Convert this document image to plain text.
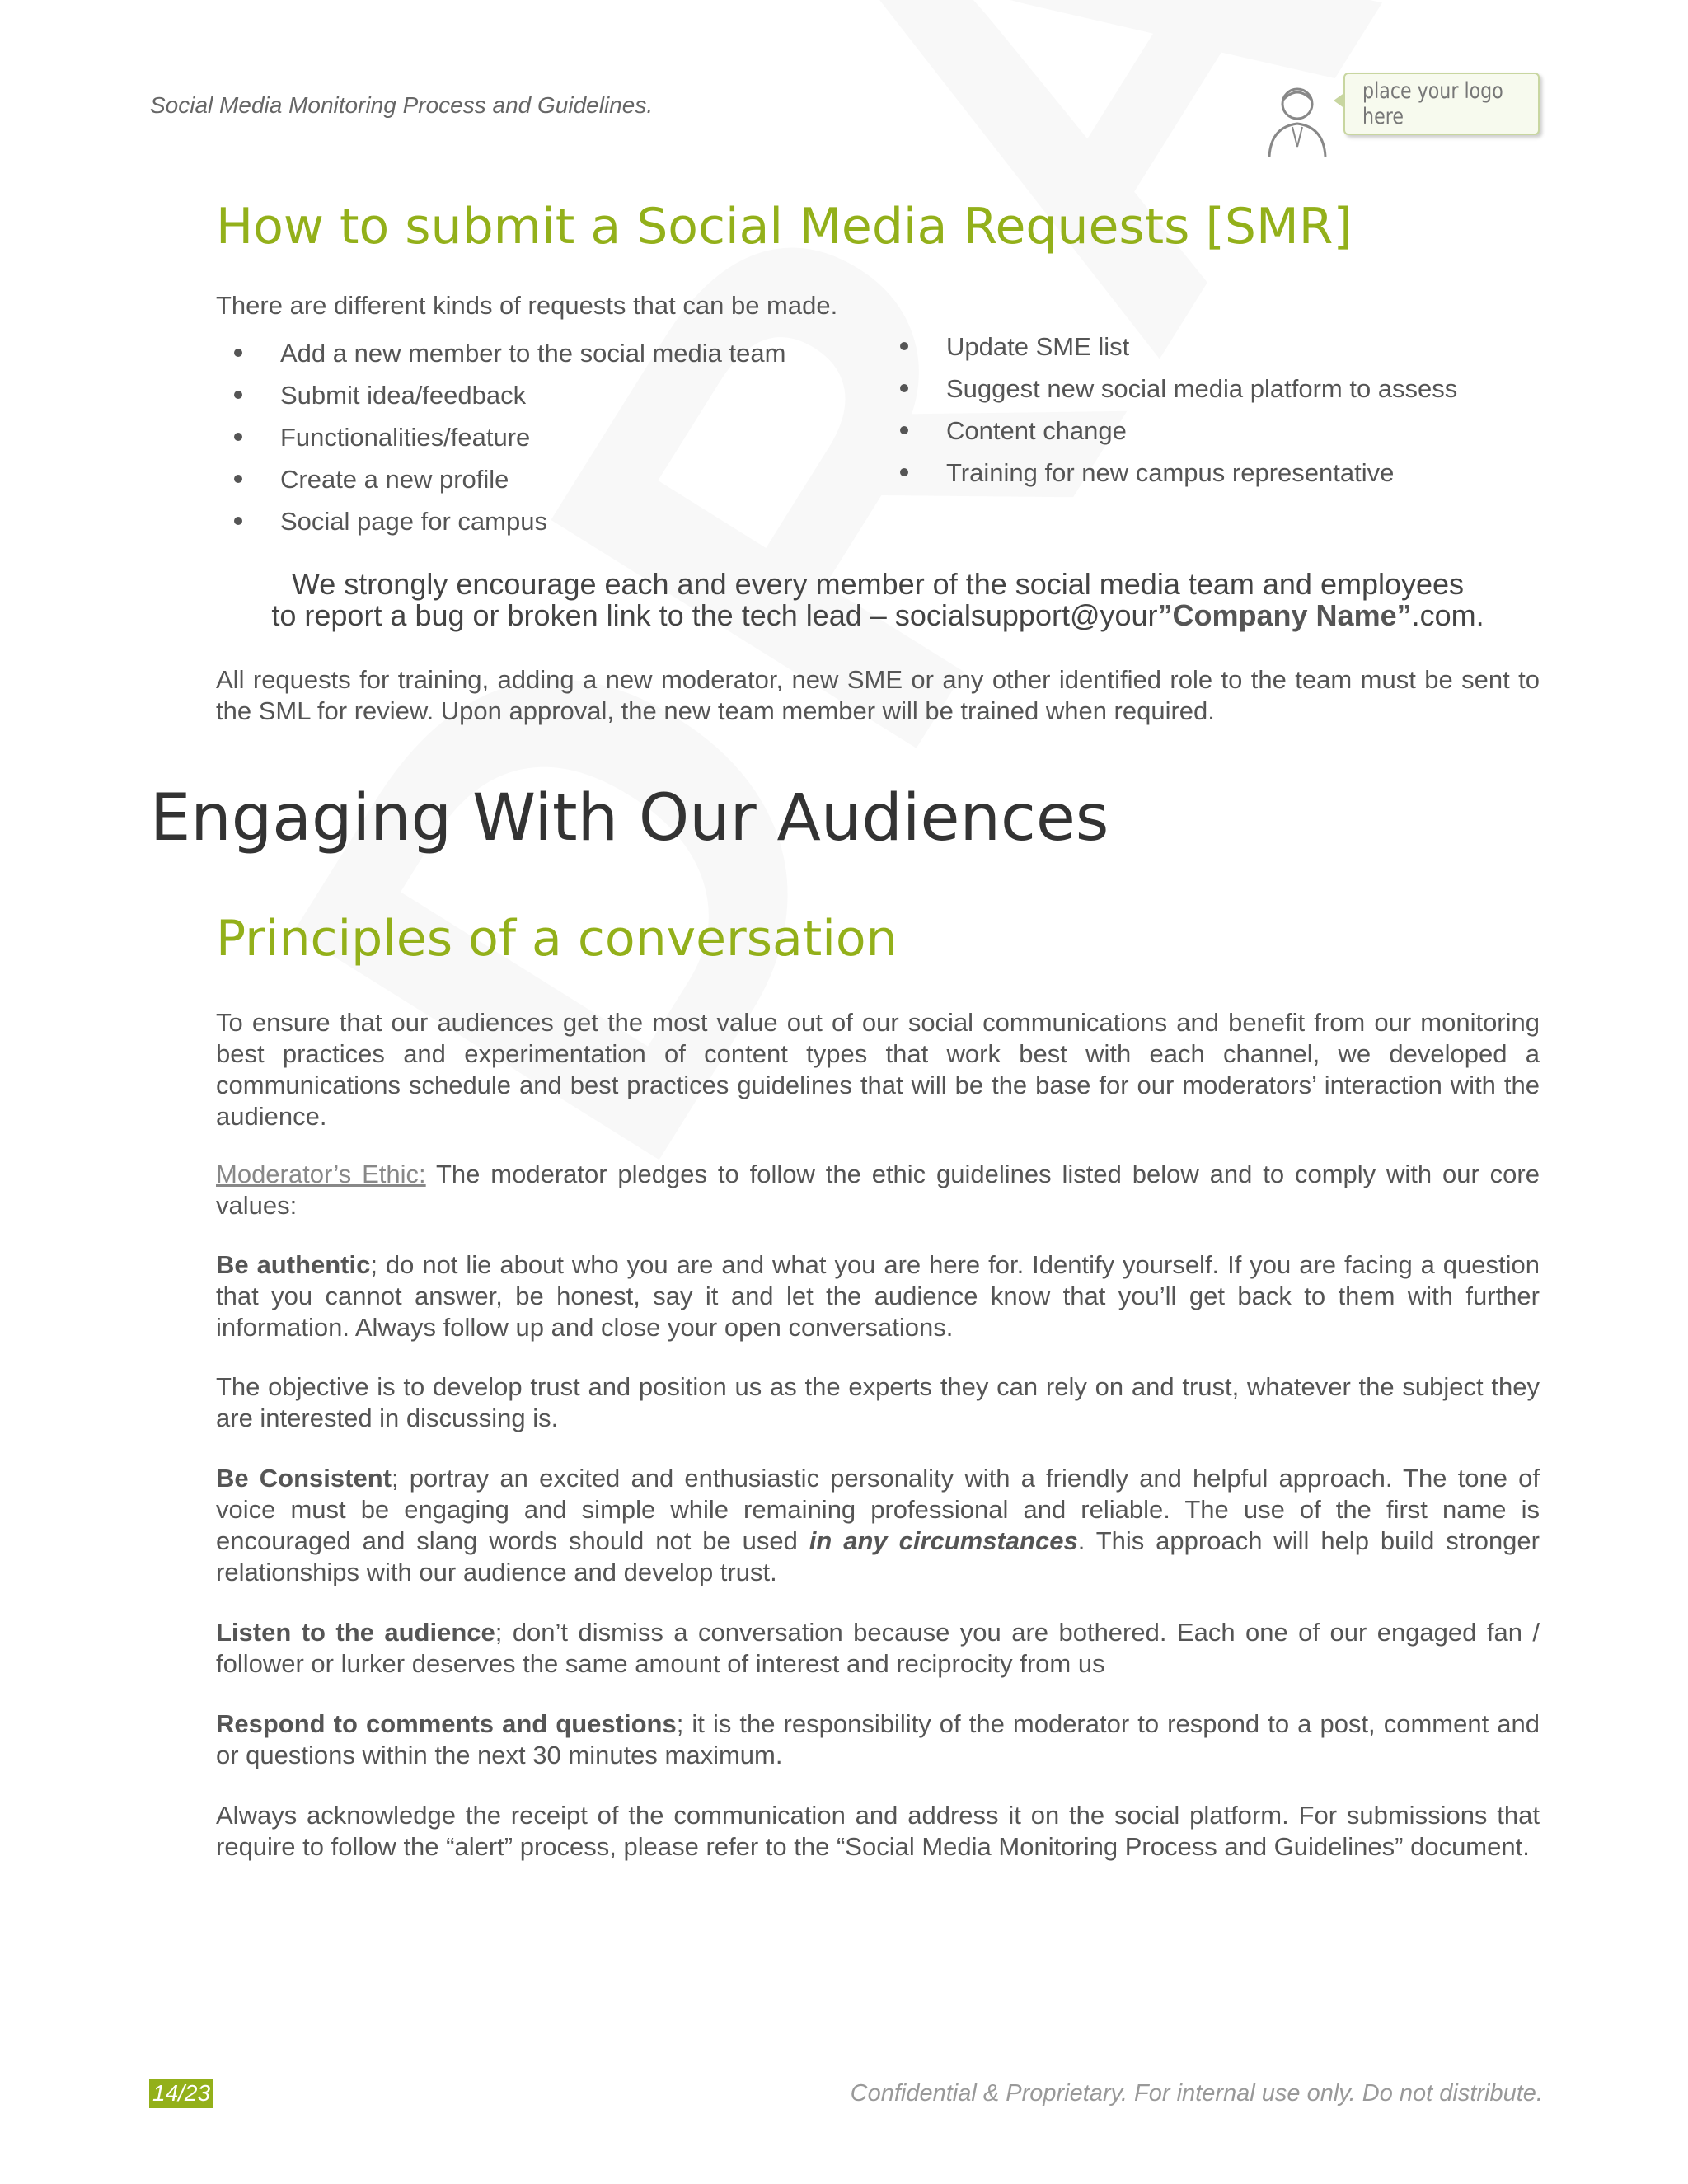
Social Media Monitoring Process and Guidelines.
place your logo here
How to submit a Social Media Requests [SMR]
There are different kinds of requests that can be made.
Add a new member to the social media team
Submit idea/feedback
Functionalities/feature
Create a new profile
Social page for campus
Update SME list
Suggest new social media platform to assess
Content change
Training for new campus representative
We strongly encourage each and every member of the social media team and employees
to report a bug or broken link to the tech lead – socialsupport@your”Company Name”.com.
All requests for training, adding a new moderator, new SME or any other identified role to the team must be sent to the SML for review. Upon approval, the new team member will be trained when required.
Engaging With Our Audiences
Principles of a conversation
To ensure that our audiences get the most value out of our social communications and benefit from our monitoring best practices and experimentation of content types that work best with each channel, we developed a communications schedule and best practices guidelines that will be the base for our moderators’ interaction with the audience.
Moderator’s Ethic: The moderator pledges to follow the ethic guidelines listed below and to comply with our core values:
Be authentic; do not lie about who you are and what you are here for. Identify yourself. If you are facing a question that you cannot answer, be honest, say it and let the audience know that you’ll get back to them with further information. Always follow up and close your open conversations.
The objective is to develop trust and position us as the experts they can rely on and trust, whatever the subject they are interested in discussing is.
Be Consistent; portray an excited and enthusiastic personality with a friendly and helpful approach. The tone of voice must be engaging and simple while remaining professional and reliable. The use of the first name is encouraged and slang words should not be used in any circumstances. This approach will help build stronger relationships with our audience and develop trust.
Listen to the audience; don’t dismiss a conversation because you are bothered. Each one of our engaged fan / follower or lurker deserves the same amount of interest and reciprocity from us
Respond to comments and questions; it is the responsibility of the moderator to respond to a post, comment and or questions within the next 30 minutes maximum.
Always acknowledge the receipt of the communication and address it on the social platform. For submissions that require to follow the “alert” process, please refer to the “Social Media Monitoring Process and Guidelines” document.
14/23	Confidential & Proprietary. For internal use only. Do not distribute.
